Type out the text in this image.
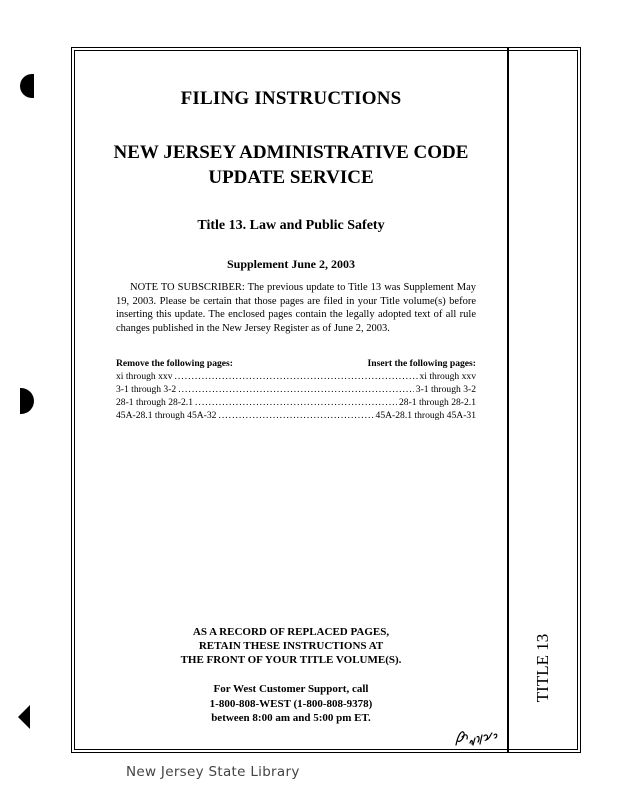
FILING INSTRUCTIONS
NEW JERSEY ADMINISTRATIVE CODE
UPDATE SERVICE
Title 13. Law and Public Safety
Supplement June 2, 2003
NOTE TO SUBSCRIBER: The previous update to Title 13 was Supplement May 19, 2003. Please be certain that those pages are filed in your Title volume(s) before inserting this update. The enclosed pages contain the legally adopted text of all rule changes published in the New Jersey Register as of June 2, 2003.
Remove the following pages:	Insert the following pages:
xi through xxv .....	xi through xxv
3-1 through 3-2 .....	3-1 through 3-2
28-1 through 28-2.1 .....	28-1 through 28-2.1
45A-28.1 through 45A-32 .....	45A-28.1 through 45A-31
AS A RECORD OF REPLACED PAGES,
RETAIN THESE INSTRUCTIONS AT
THE FRONT OF YOUR TITLE VOLUME(S).
For West Customer Support, call
1-800-808-WEST (1-800-808-9378)
between 8:00 am and 5:00 pm ET.
TITLE 13
New Jersey State Library
